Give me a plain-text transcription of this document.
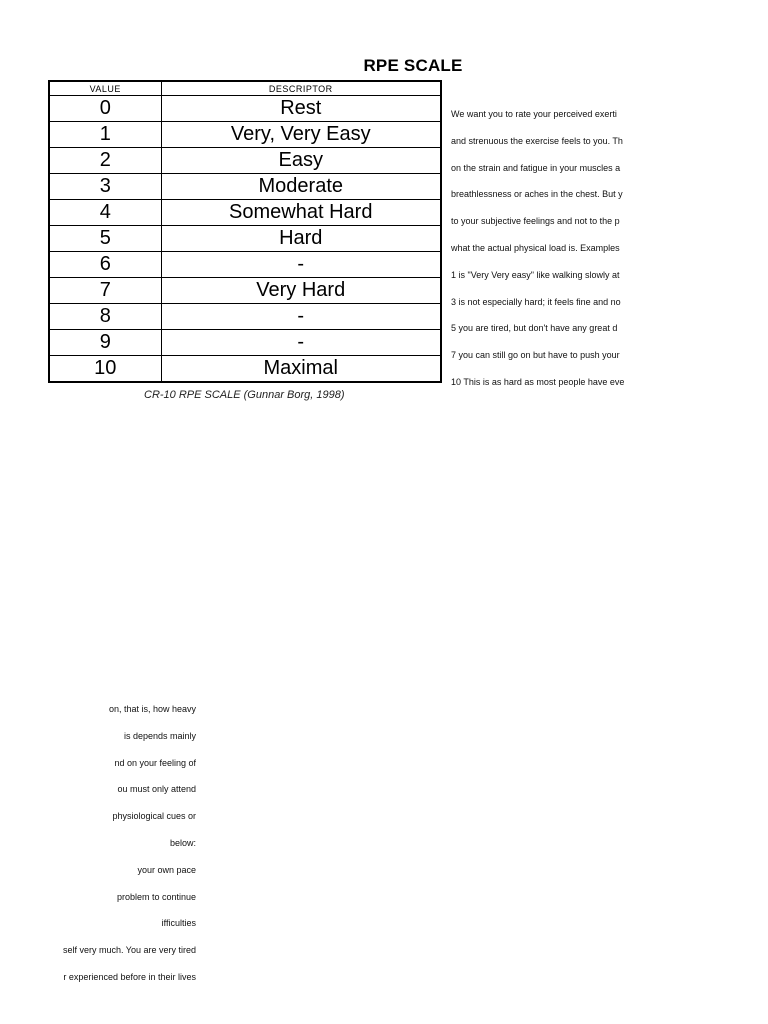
RPE SCALE
VALUE	DESCRIPTOR
0	Rest
1	Very, Very Easy
2	Easy
3	Moderate
4	Somewhat Hard
5	Hard
6	-
7	Very Hard
8	-
9	-
10	Maximal
CR-10 RPE SCALE (Gunnar Borg, 1998)
We want you to rate your perceived exerti
and strenuous the exercise feels to you. Th
on the strain and fatigue in your muscles a
breathlessness or aches in the chest. But y
to your subjective feelings and not to the p
what the actual physical load is. Examples
1 is "Very Very easy" like walking slowly at
3 is not especially hard; it feels fine and no
5 you are tired, but don't have any great d
7 you can still go on but have to push your
10 This is as hard as most people have eve
on, that is, how heavy
is depends mainly
nd on your feeling of
ou must only attend
physiological cues or
below:
your own pace
problem to continue
ifficulties
self very much. You are very tired
r experienced before in their lives
